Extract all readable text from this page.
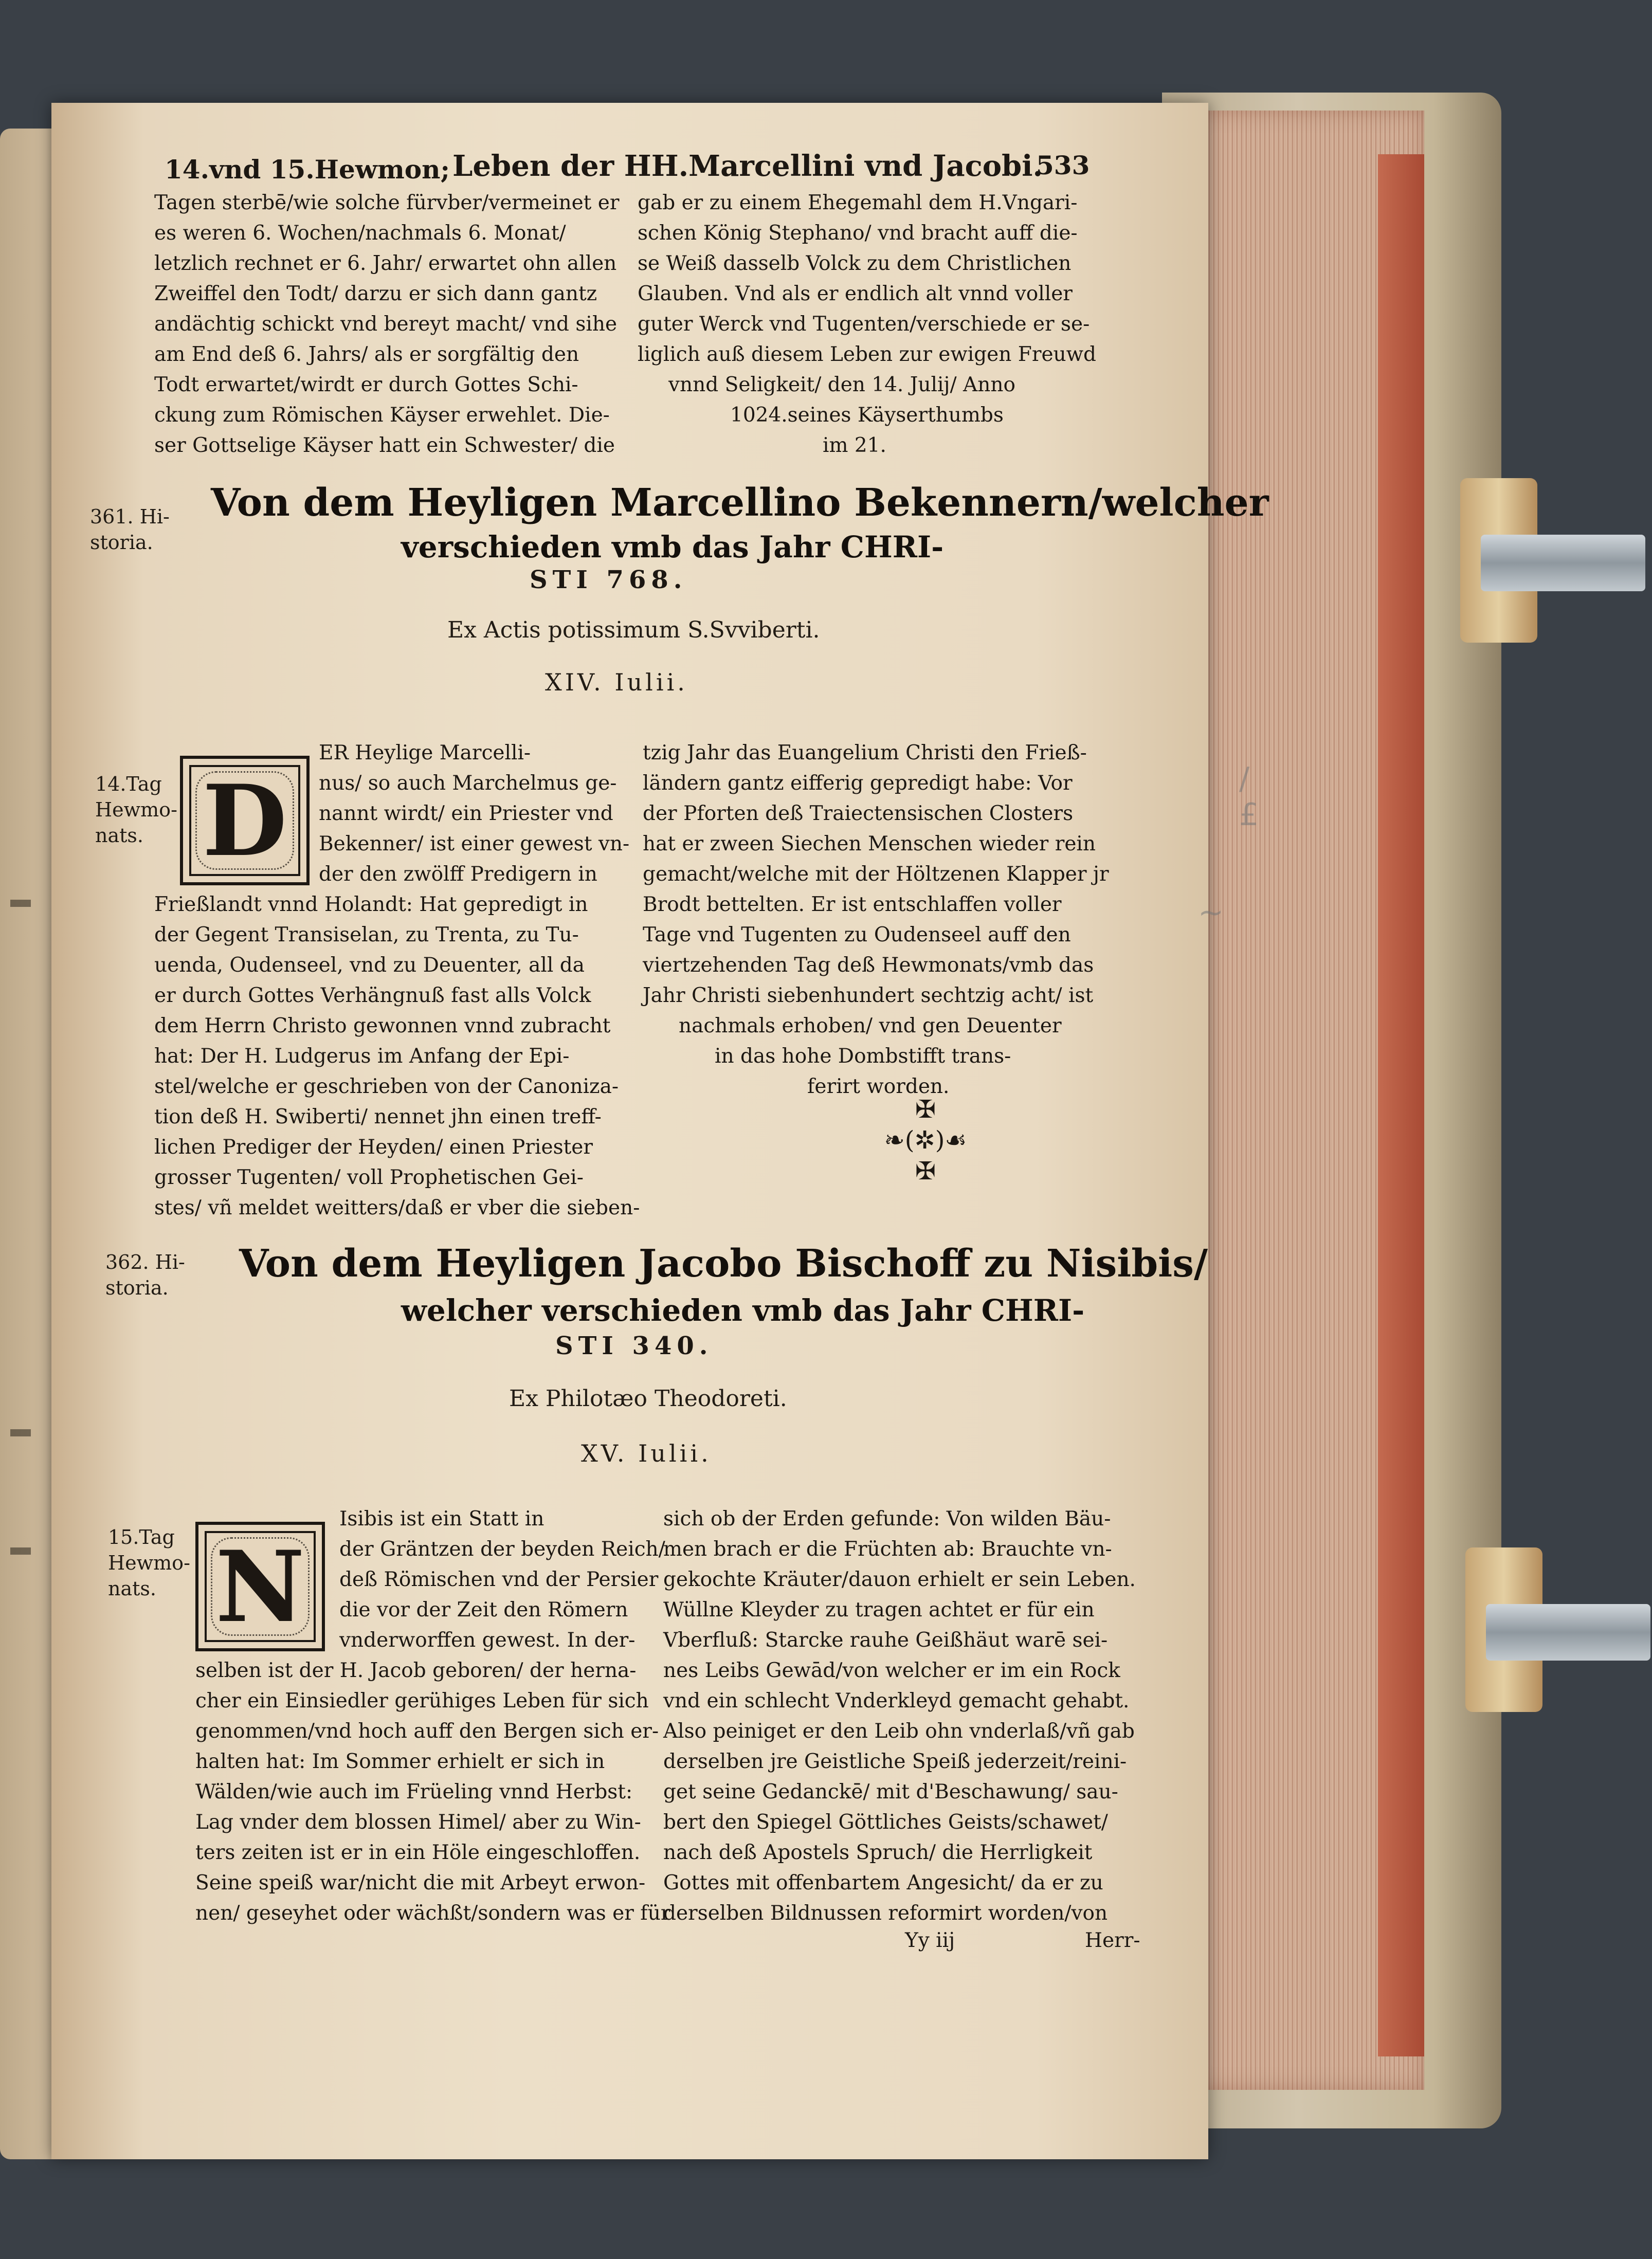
/ £
~
14.vnd 15.Hewmon; Leben der HH.Marcellini vnd Jacobi.
533
Tagen sterbē/wie solche fürvber/vermeinet er
es weren 6. Wochen/nachmals 6. Monat/
letzlich rechnet er 6. Jahr/ erwartet ohn allen
Zweiffel den Todt/ darzu er sich dann gantz
andächtig schickt vnd bereyt macht/ vnd sihe
am End deß 6. Jahrs/ als er sorgfältig den
Todt erwartet/wirdt er durch Gottes Schi-
ckung zum Römischen Käyser erwehlet. Die-
ser Gottselige Käyser hatt ein Schwester/ die
gab er zu einem Ehegemahl dem H.Vngari-
schen König Stephano/ vnd bracht auff die-
se Weiß dasselb Volck zu dem Christlichen
Glauben. Vnd als er endlich alt vnnd voller
guter Werck vnd Tugenten/verschiede er se-
liglich auß diesem Leben zur ewigen Freuwd
vnnd Seligkeit/ den 14. Julij/ Anno
1024.seines Käyserthumbs
im 21.
361. Hi-
storia.
Von dem Heyligen Marcellino Bekennern/welcher
verschieden vmb das Jahr CHRI-
STI 768.
Ex Actis potissimum S.Svviberti.
XIV. Iulii.
14.Tag
Hewmo-
nats. D
ER Heylige Marcelli-
nus/ so auch Marchelmus ge-
nannt wirdt/ ein Priester vnd
Bekenner/ ist einer gewest vn-
der den zwölff Predigern in
Frießlandt vnnd Holandt: Hat gepredigt in
der Gegent Transiselan, zu Trenta, zu Tu-
uenda, Oudenseel, vnd zu Deuenter, all da
er durch Gottes Verhängnuß fast alls Volck
dem Herrn Christo gewonnen vnnd zubracht
hat: Der H. Ludgerus im Anfang der Epi-
stel/welche er geschrieben von der Canoniza-
tion deß H. Swiberti/ nennet jhn einen treff-
lichen Prediger der Heyden/ einen Priester
grosser Tugenten/ voll Prophetischen Gei-
stes/ vñ meldet weitters/daß er vber die sieben-
tzig Jahr das Euangelium Christi den Frieß-
ländern gantz eifferig gepredigt habe: Vor
der Pforten deß Traiectensischen Closters
hat er zween Siechen Menschen wieder rein
gemacht/welche mit der Höltzenen Klapper jr
Brodt bettelten. Er ist entschlaffen voller
Tage vnd Tugenten zu Oudenseel auff den
viertzehenden Tag deß Hewmonats/vmb das
Jahr Christi siebenhundert sechtzig acht/ ist
nachmals erhoben/ vnd gen Deuenter
in das hohe Dombstifft trans-
ferirt worden.
✠
❧(✲)☙
✠
362. Hi-
storia.
Von dem Heyligen Jacobo Bischoff zu Nisibis/
welcher verschieden vmb das Jahr CHRI-
STI 340.
Ex Philotæo Theodoreti.
XV. Iulii.
15.Tag
Hewmo-
nats. N
Isibis ist ein Statt in
der Gräntzen der beyden Reich/
deß Römischen vnd der Persier
die vor der Zeit den Römern
vnderworffen gewest. In der-
selben ist der H. Jacob geboren/ der herna-
cher ein Einsiedler gerühiges Leben für sich
genommen/vnd hoch auff den Bergen sich er-
halten hat: Im Sommer erhielt er sich in
Wälden/wie auch im Früeling vnnd Herbst:
Lag vnder dem blossen Himel/ aber zu Win-
ters zeiten ist er in ein Höle eingeschloffen.
Seine speiß war/nicht die mit Arbeyt erwon-
nen/ geseyhet oder wächßt/sondern was er für
sich ob der Erden gefunde: Von wilden Bäu-
men brach er die Früchten ab: Brauchte vn-
gekochte Kräuter/dauon erhielt er sein Leben.
Wüllne Kleyder zu tragen achtet er für ein
Vberfluß: Starcke rauhe Geißhäut warē sei-
nes Leibs Gewād/von welcher er im ein Rock
vnd ein schlecht Vnderkleyd gemacht gehabt.
Also peiniget er den Leib ohn vnderlaß/vñ gab
derselben jre Geistliche Speiß jederzeit/reini-
get seine Gedanckē/ mit d'Beschawung/ sau-
bert den Spiegel Göttliches Geists/schawet/
nach deß Apostels Spruch/ die Herrligkeit
Gottes mit offenbartem Angesicht/ da er zu
derselben Bildnussen reformirt worden/von
Yy iij	Herr-
